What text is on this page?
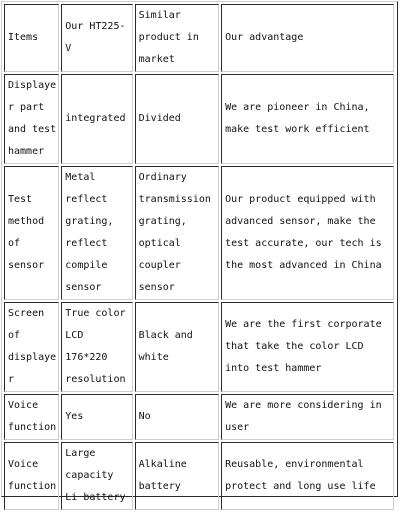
Items	Our HT225-V	Similar product in market	Our advantage
Displayer part and test hammer	integrated	Divided	We are pioneer in China, make test work efficient
Test method of sensor	Metal reflect grating, reflect compile sensor	Ordinary transmission grating, optical coupler sensor	Our product equipped with advanced sensor, make the test accurate, our tech is the most advanced in China
Screen of displayer	True color LCD 176*220 resolution	Black and white	We are the first corporate that take the color LCD into test hammer
Voice function	Yes	No	We are more considering in user
Voice function	Large capacity Li battery	Alkaline battery	Reusable, environmental protect and long use life
